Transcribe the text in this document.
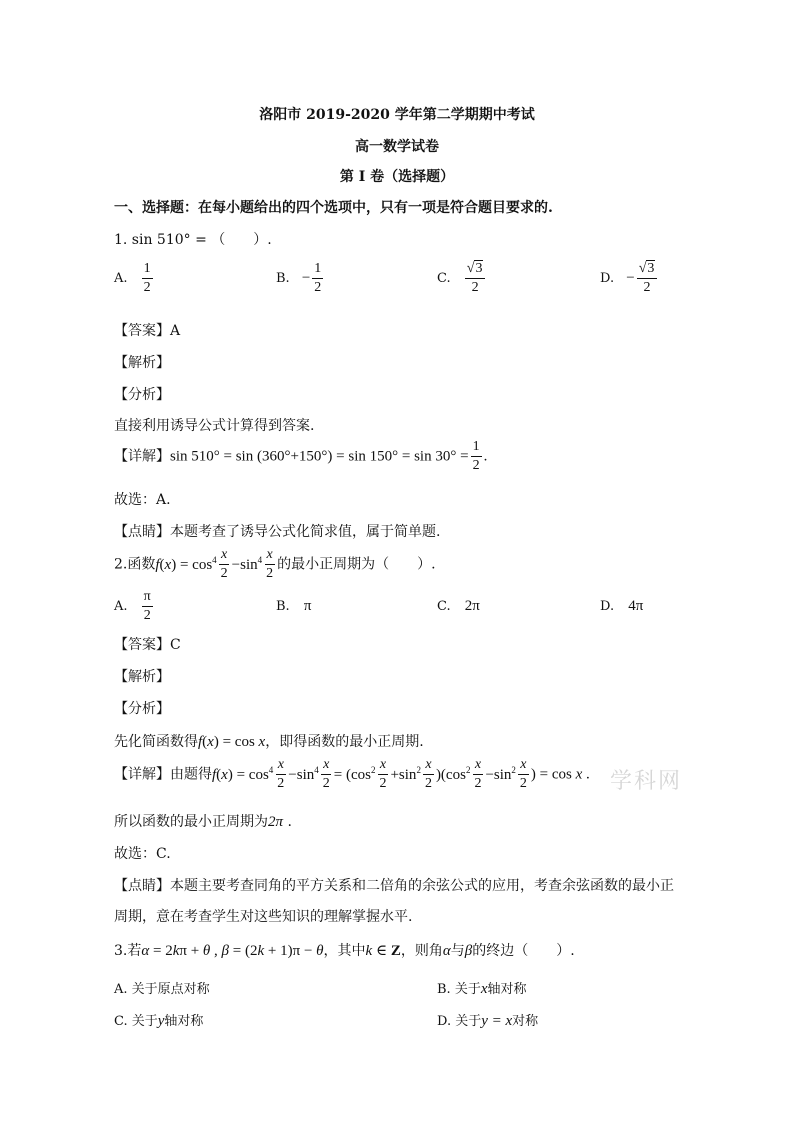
洛阳市 2019-2020 学年第二学期期中考试
高一数学试卷
第 I 卷（选择题）
一、选择题：在每小题给出的四个选项中，只有一项是符合题目要求的.
1. sin 510° = （　　）.
A. $\frac{1}{2}$	B. − $\frac{1}{2}$	C. $\frac{√3}{2}$	D. − $\frac{√3}{2}$
【答案】A
【解析】
【分析】
直接利用诱导公式计算得到答案.
【详解】$\sin 510^\circ = \sin (360^\circ+150^\circ) = \sin 150^\circ = \sin 30^\circ = \frac{1}{2}$ .
故选：A.
【点睛】本题考查了诱导公式化简求值，属于简单题.
2.函数$f(x) = \cos^4 \frac{x}{2} -\sin^4 \frac{x}{2}$ 的最小正周期为（　　）.
A. $\frac{\pi}{2}$	B. π	C. 2π	D. 4π
【答案】C
【解析】
【分析】
先化简函数得f(x) = cos x，即得函数的最小正周期.
【详解】由题得$f(x) = \cos^4 \frac{x}{2} -\sin^4 \frac{x}{2} = (\cos^2 \frac{x}{2} +\sin^2 \frac{x}{2} )(\cos^2 \frac{x}{2} -\sin^2 \frac{x}{2}$ ) = cos x . 学科网
所以函数的最小正周期为2π .
故选：C.
【点睛】本题主要考查同角的平方关系和二倍角的余弦公式的应用，考查余弦函数的最小正
周期，意在考查学生对这些知识的理解掌握水平.
3.若α = 2kπ + θ , β = (2k + 1)π − θ，其中k ∈ Z，则角α与β的终边（　　）.
A. 关于原点对称	B. 关于x轴对称
C. 关于y轴对称	D. 关于y = x对称
